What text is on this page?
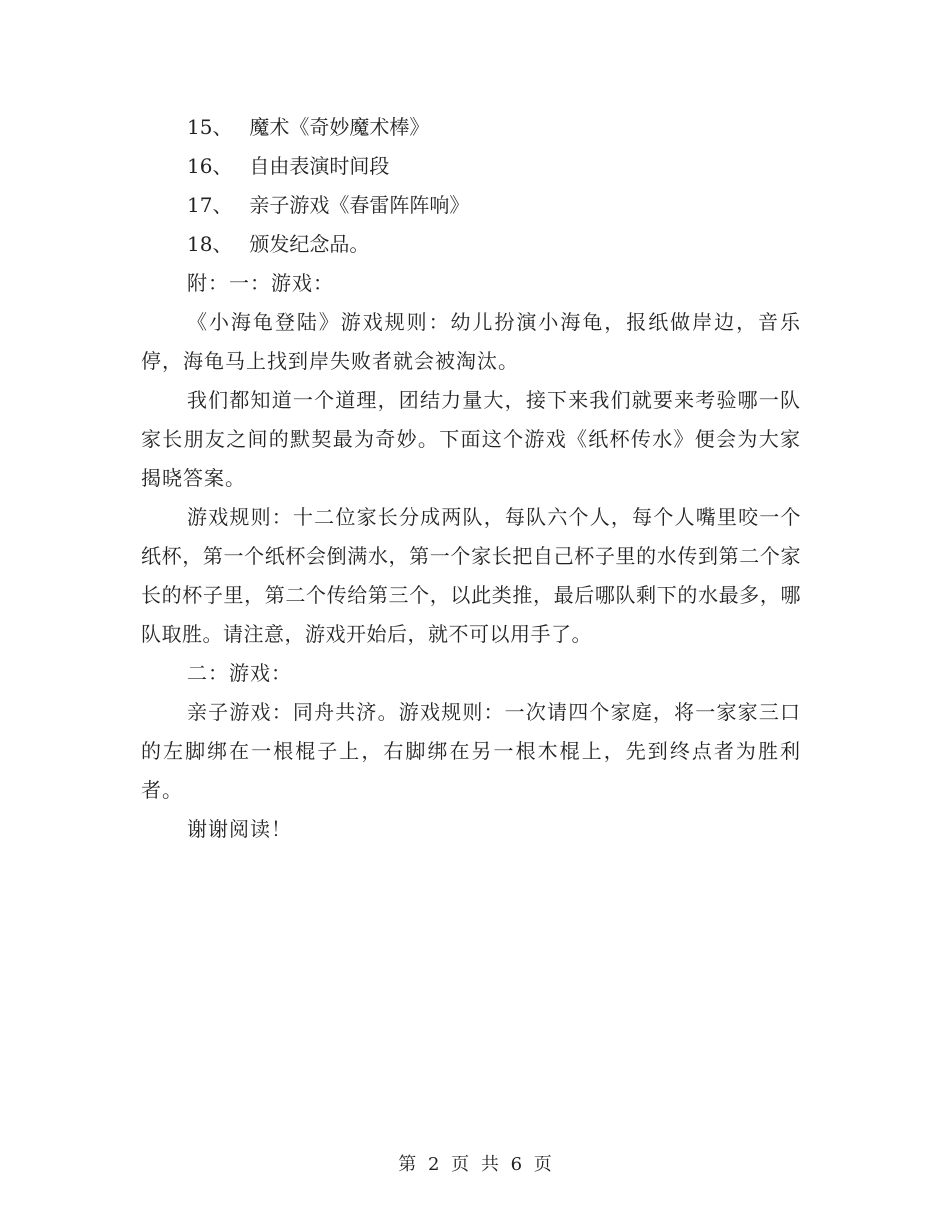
15、 魔术《奇妙魔术棒》
16、 自由表演时间段
17、 亲子游戏《春雷阵阵响》
18、 颁发纪念品。

附：一：游戏：

《小海龟登陆》游戏规则：幼儿扮演小海龟，报纸做岸边，音乐停，海龟马上找到岸失败者就会被淘汰。

我们都知道一个道理，团结力量大，接下来我们就要来考验哪一队家长朋友之间的默契最为奇妙。下面这个游戏《纸杯传水》便会为大家揭晓答案。

游戏规则：十二位家长分成两队，每队六个人，每个人嘴里咬一个纸杯，第一个纸杯会倒满水，第一个家长把自己杯子里的水传到第二个家长的杯子里，第二个传给第三个，以此类推，最后哪队剩下的水最多，哪队取胜。请注意，游戏开始后，就不可以用手了。

二：游戏：

亲子游戏：同舟共济。游戏规则：一次请四个家庭，将一家家三口的左脚绑在一根棍子上，右脚绑在另一根木棍上，先到终点者为胜利者。

谢谢阅读！

第 2 页 共 6 页
